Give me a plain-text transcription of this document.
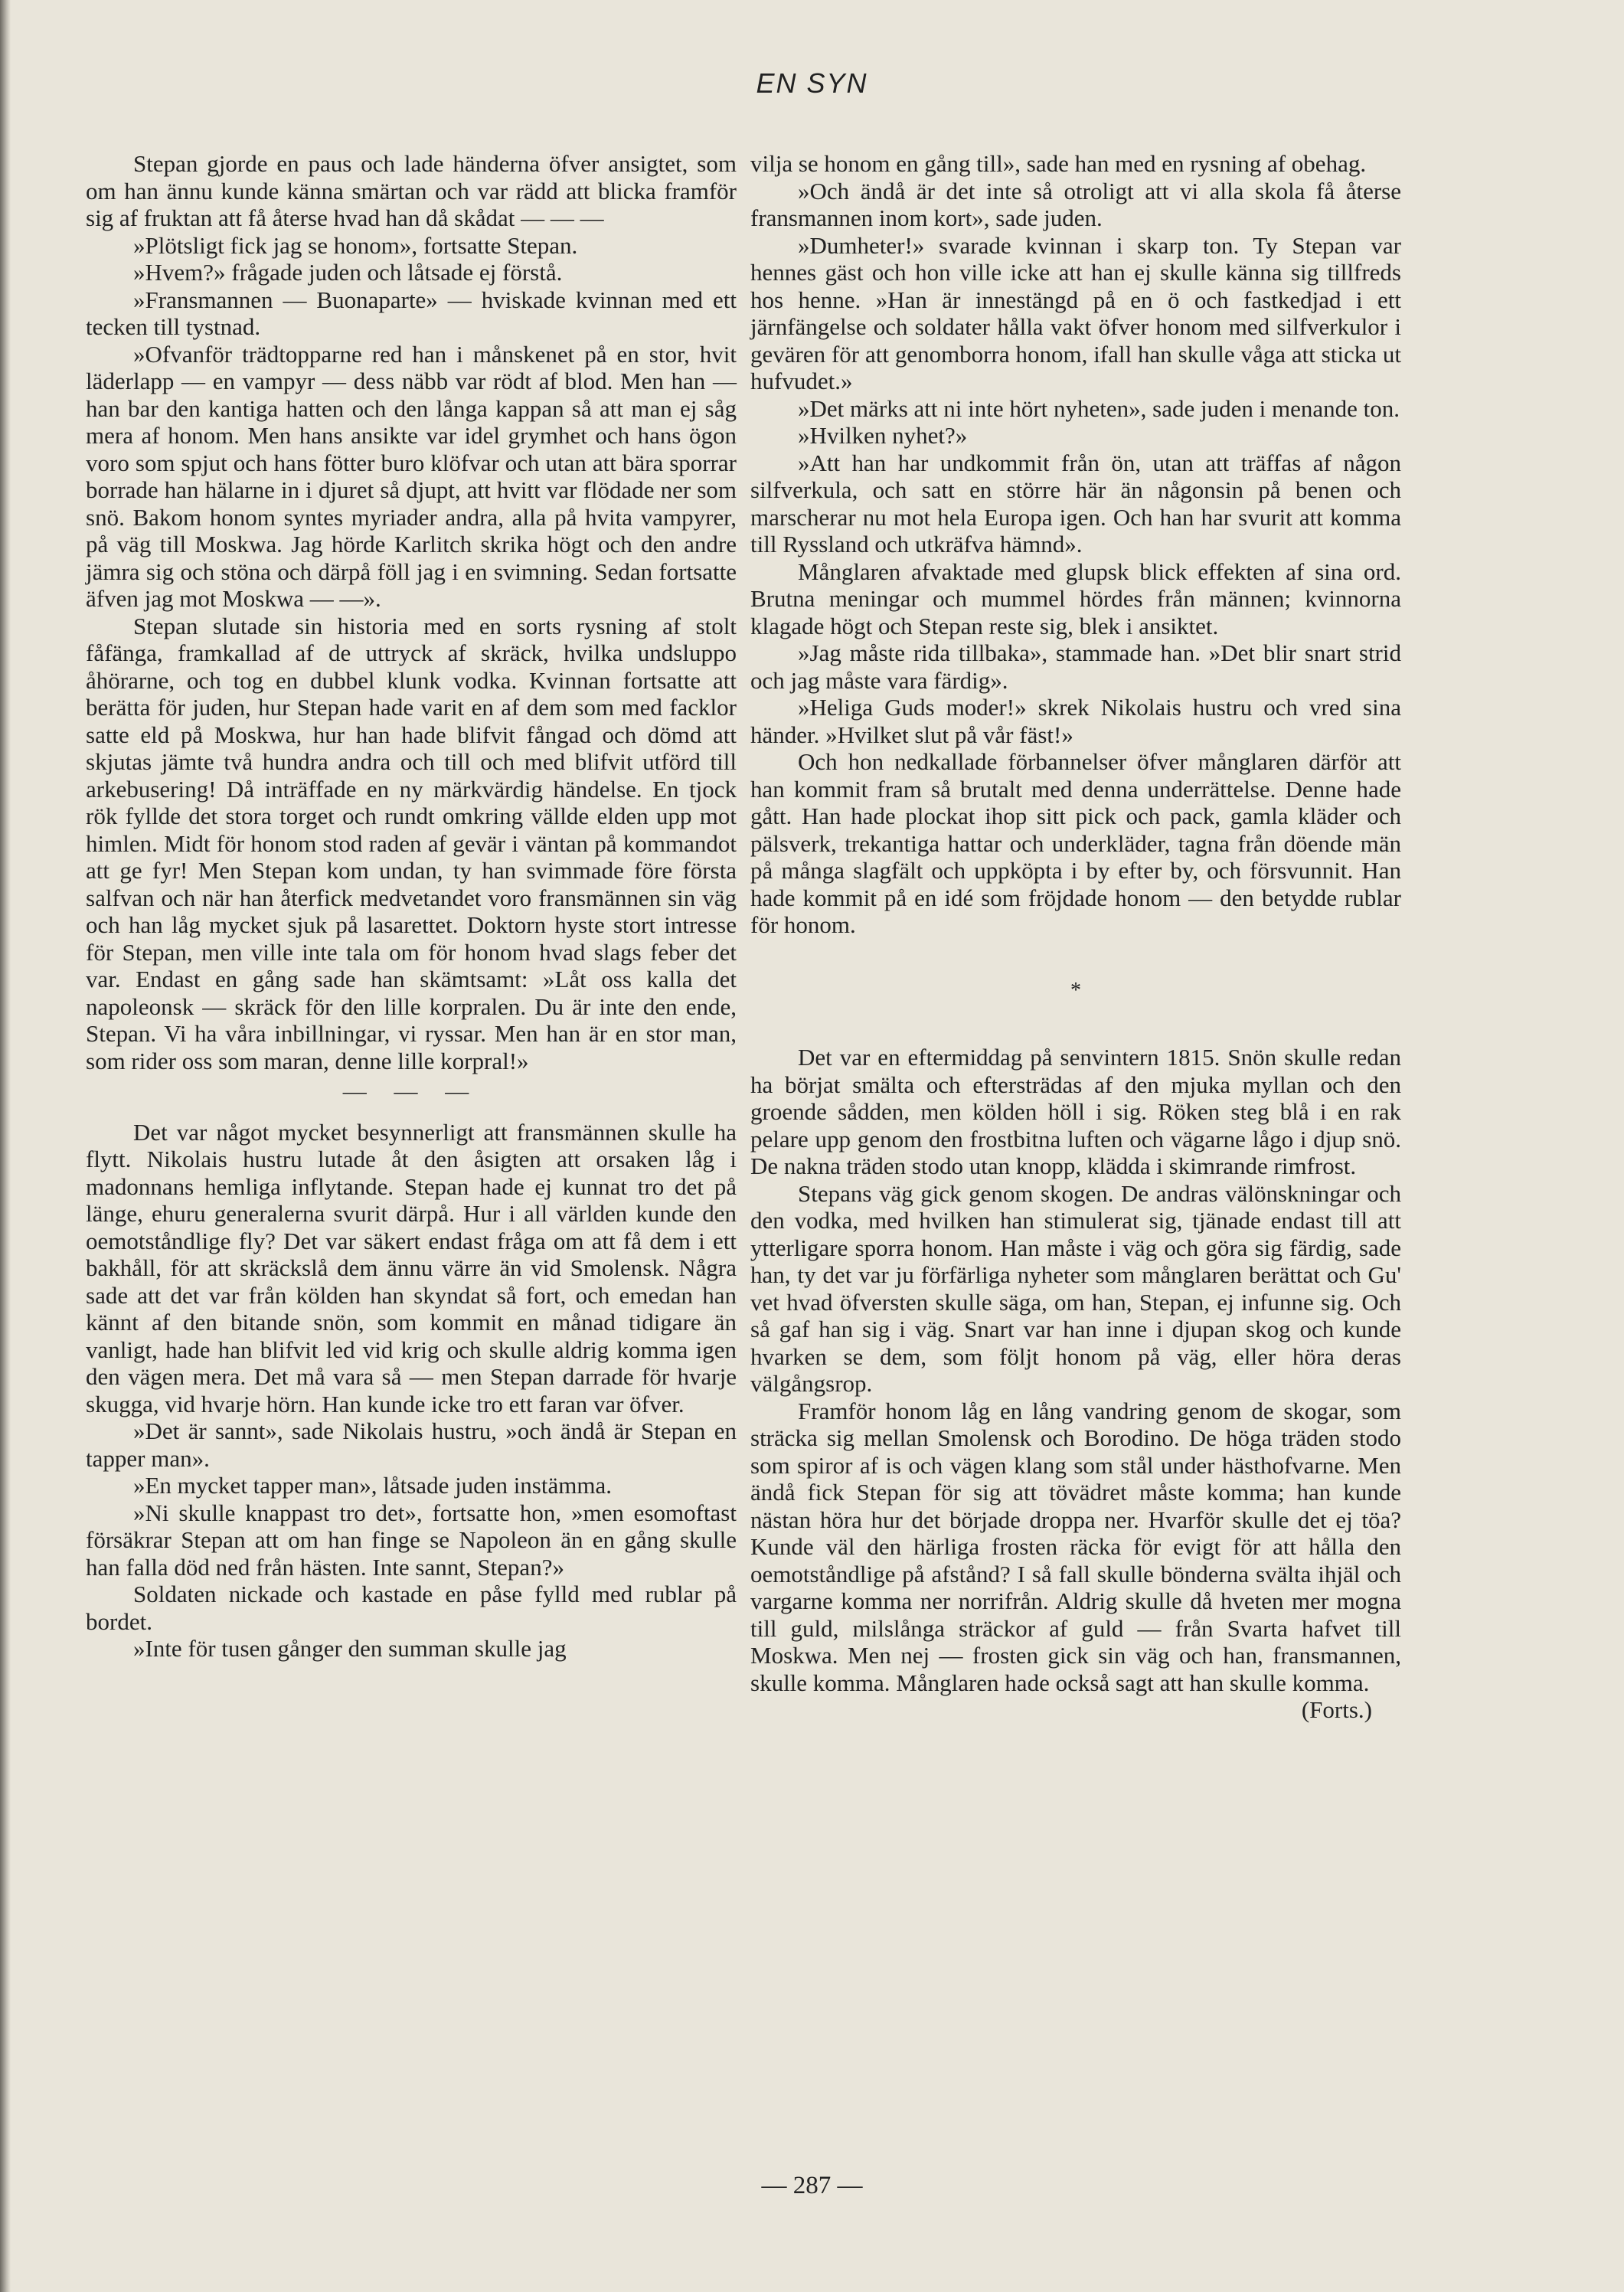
EN SYN

Stepan gjorde en paus och lade händerna öfver ansigtet, som om han ännu kunde känna smärtan och var rädd att blicka framför sig af fruktan att få återse hvad han då skådat — — —

»Plötsligt fick jag se honom», fortsatte Stepan.

»Hvem?» frågade juden och låtsade ej förstå.

»Fransmannen — Buonaparte» — hviskade kvinnan med ett tecken till tystnad.

»Ofvanför trädtopparne red han i månskenet på en stor, hvit läderlapp — en vampyr — dess näbb var rödt af blod. Men han — han bar den kantiga hatten och den långa kappan så att man ej såg mera af honom. Men hans ansikte var idel grymhet och hans ögon voro som spjut och hans fötter buro klöfvar och utan att bära sporrar borrade han hälarne in i djuret så djupt, att hvitt var flödade ner som snö. Bakom honom syntes myriader andra, alla på hvita vampyrer, på väg till Moskwa. Jag hörde Karlitch skrika högt och den andre jämra sig och stöna och därpå föll jag i en svimning. Sedan fortsatte äfven jag mot Moskwa — —».

Stepan slutade sin historia med en sorts rysning af stolt fåfänga, framkallad af de uttryck af skräck, hvilka undsluppo åhörarne, och tog en dubbel klunk vodka. Kvinnan fortsatte att berätta för juden, hur Stepan hade varit en af dem som med facklor satte eld på Moskwa, hur han hade blifvit fångad och dömd att skjutas jämte två hundra andra och till och med blifvit utförd till arkebusering! Då inträffade en ny märkvärdig händelse. En tjock rök fyllde det stora torget och rundt omkring vällde elden upp mot himlen. Midt för honom stod raden af gevär i väntan på kommandot att ge fyr! Men Stepan kom undan, ty han svimmade före första salfvan och när han återfick medvetandet voro fransmännen sin väg och han låg mycket sjuk på lasarettet. Doktorn hyste stort intresse för Stepan, men ville inte tala om för honom hvad slags feber det var. Endast en gång sade han skämtsamt: »Låt oss kalla det napoleonsk — skräck för den lille korpralen. Du är inte den ende, Stepan. Vi ha våra inbillningar, vi ryssar. Men han är en stor man, som rider oss som maran, denne lille korpral!»

— — —

Det var något mycket besynnerligt att fransmännen skulle ha flytt. Nikolais hustru lutade åt den åsigten att orsaken låg i madonnans hemliga inflytande. Stepan hade ej kunnat tro det på länge, ehuru generalerna svurit därpå. Hur i all världen kunde den oemotståndlige fly? Det var säkert endast fråga om att få dem i ett bakhåll, för att skräckslå dem ännu värre än vid Smolensk. Några sade att det var från kölden han skyndat så fort, och emedan han kännt af den bitande snön, som kommit en månad tidigare än vanligt, hade han blifvit led vid krig och skulle aldrig komma igen den vägen mera. Det må vara så — men Stepan darrade för hvarje skugga, vid hvarje hörn. Han kunde icke tro ett faran var öfver.

»Det är sannt», sade Nikolais hustru, »och ändå är Stepan en tapper man».

»En mycket tapper man», låtsade juden instämma.

»Ni skulle knappast tro det», fortsatte hon, »men esomoftast försäkrar Stepan att om han finge se Napoleon än en gång skulle han falla död ned från hästen. Inte sannt, Stepan?»

Soldaten nickade och kastade en påse fylld med rublar på bordet.

»Inte för tusen gånger den summan skulle jag

vilja se honom en gång till», sade han med en rysning af obehag.

»Och ändå är det inte så otroligt att vi alla skola få återse fransmannen inom kort», sade juden.

»Dumheter!» svarade kvinnan i skarp ton. Ty Stepan var hennes gäst och hon ville icke att han ej skulle känna sig tillfreds hos henne. »Han är innestängd på en ö och fastkedjad i ett järnfängelse och soldater hålla vakt öfver honom med silfverkulor i gevären för att genomborra honom, ifall han skulle våga att sticka ut hufvudet.»

»Det märks att ni inte hört nyheten», sade juden i menande ton.

»Hvilken nyhet?»

»Att han har undkommit från ön, utan att träffas af någon silfverkula, och satt en större här än någonsin på benen och marscherar nu mot hela Europa igen. Och han har svurit att komma till Ryssland och utkräfva hämnd».

Månglaren afvaktade med glupsk blick effekten af sina ord. Brutna meningar och mummel hördes från männen; kvinnorna klagade högt och Stepan reste sig, blek i ansiktet.

»Jag måste rida tillbaka», stammade han. »Det blir snart strid och jag måste vara färdig».

»Heliga Guds moder!» skrek Nikolais hustru och vred sina händer. »Hvilket slut på vår fäst!»

Och hon nedkallade förbannelser öfver månglaren därför att han kommit fram så brutalt med denna underrättelse. Denne hade gått. Han hade plockat ihop sitt pick och pack, gamla kläder och pälsverk, trekantiga hattar och underkläder, tagna från döende män på många slagfält och uppköpta i by efter by, och försvunnit. Han hade kommit på en idé som fröjdade honom — den betydde rublar för honom.

*

Det var en eftermiddag på senvintern 1815. Snön skulle redan ha börjat smälta och eftersträdas af den mjuka myllan och den groende sådden, men kölden höll i sig. Röken steg blå i en rak pelare upp genom den frostbitna luften och vägarne lågo i djup snö. De nakna träden stodo utan knopp, klädda i skimrande rimfrost.

Stepans väg gick genom skogen. De andras välönskningar och den vodka, med hvilken han stimulerat sig, tjänade endast till att ytterligare sporra honom. Han måste i väg och göra sig färdig, sade han, ty det var ju förfärliga nyheter som månglaren berättat och Gu' vet hvad öfversten skulle säga, om han, Stepan, ej infunne sig. Och så gaf han sig i väg. Snart var han inne i djupan skog och kunde hvarken se dem, som följt honom på väg, eller höra deras välgångsrop.

Framför honom låg en lång vandring genom de skogar, som sträcka sig mellan Smolensk och Borodino. De höga träden stodo som spiror af is och vägen klang som stål under hästhofvarne. Men ändå fick Stepan för sig att tövädret måste komma; han kunde nästan höra hur det började droppa ner. Hvarför skulle det ej töa? Kunde väl den härliga frosten räcka för evigt för att hålla den oemotståndlige på afstånd? I så fall skulle bönderna svälta ihjäl och vargarne komma ner norrifrån. Aldrig skulle då hveten mer mogna till guld, milslånga sträckor af guld — från Svarta hafvet till Moskwa. Men nej — frosten gick sin väg och han, fransmannen, skulle komma. Månglaren hade också sagt att han skulle komma.

(Forts.)

— 287 —
